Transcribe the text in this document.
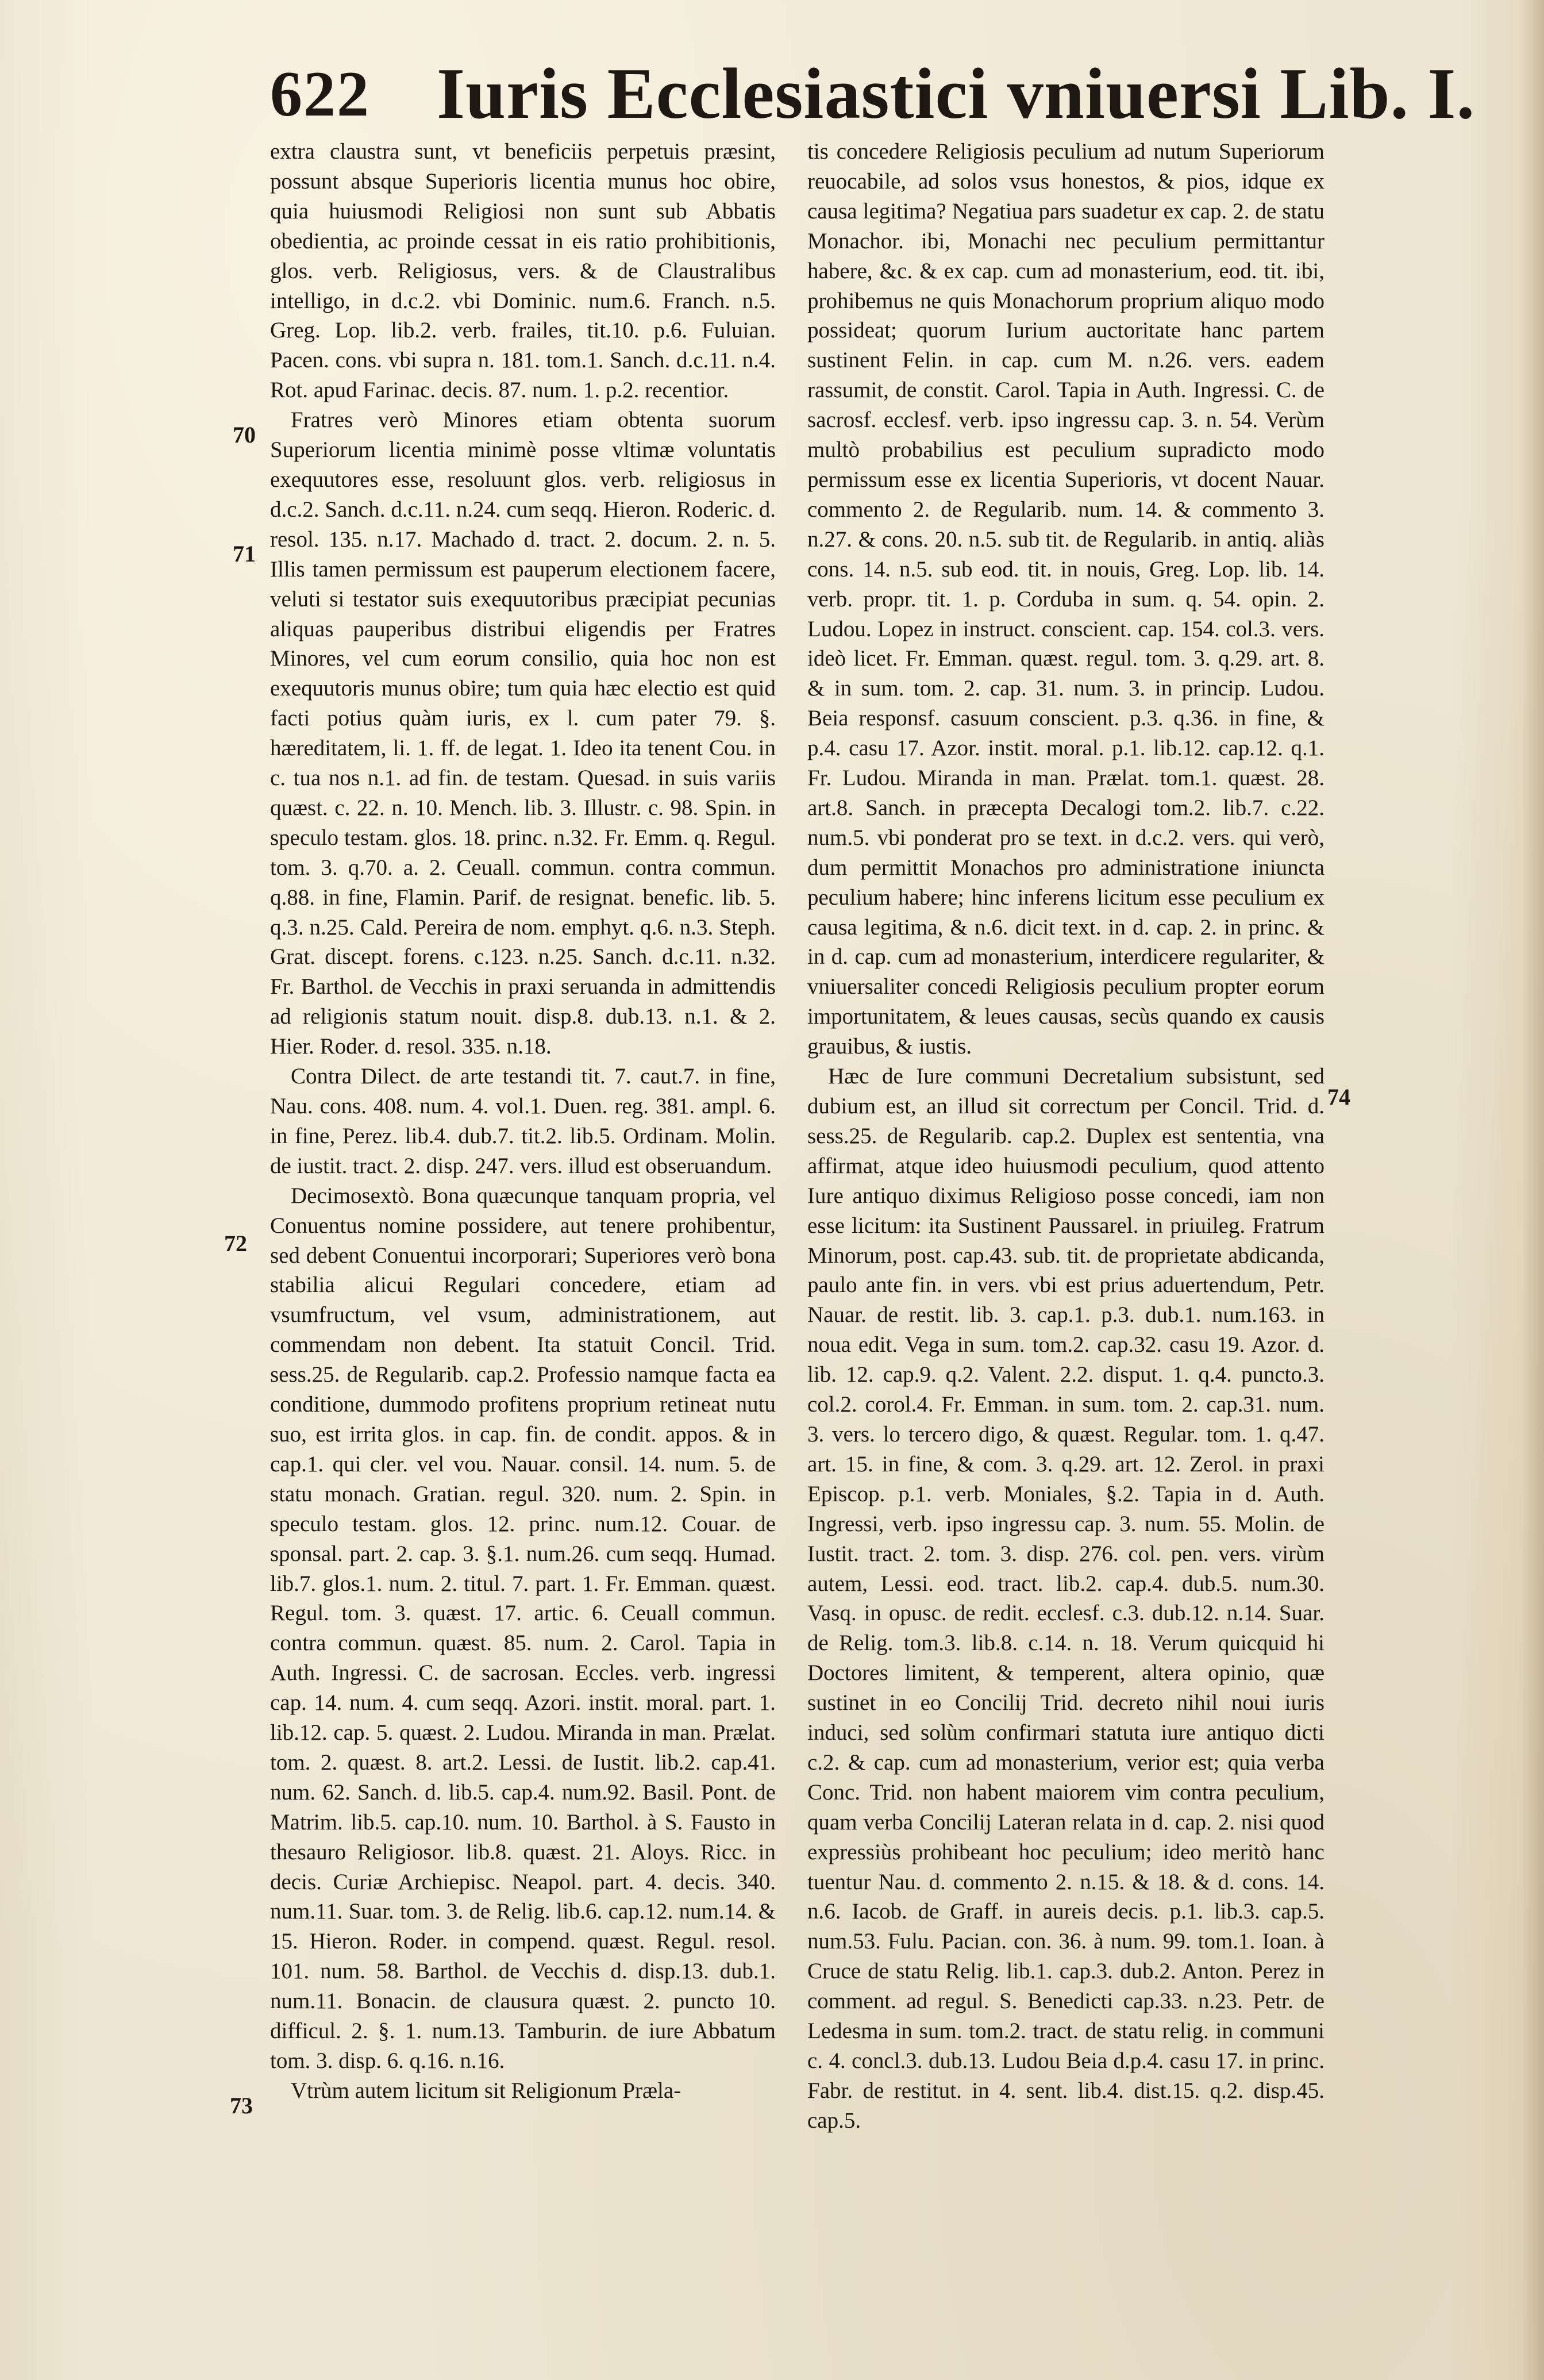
622 Iuris Ecclesiastici vniuersi Lib. I.

extra claustra sunt, vt beneficiis perpetuis præsint, possunt absque Superioris licentia munus hoc obire, quia huiusmodi Religiosi non sunt sub Abbatis obedientia, ac proinde cessat in eis ratio prohibitionis, glos. verb. Religiosus, vers. & de Claustralibus intelligo, in d.c.2. vbi Dominic. num.6. Franch. n.5. Greg. Lop. lib.2. verb. frailes, tit.10. p.6. Fuluian. Pacen. cons. vbi supra n. 181. tom.1. Sanch. d.c.11. n.4. Rot. apud Farinac. decis. 87. num. 1. p.2. recentior.

Fratres verò Minores etiam obtenta suorum Superiorum licentia minimè posse vltimæ voluntatis exequutores esse, resoluunt glos. verb. religiosus in d.c.2. Sanch. d.c.11. n.24. cum seqq. Hieron. Roderic. d. resol. 135. n.17. Machado d. tract. 2. docum. 2. n. 5. Illis tamen permissum est pauperum electionem facere, veluti si testator suis exequutoribus præcipiat pecunias aliquas pauperibus distribui eligendis per Fratres Minores, vel cum eorum consilio, quia hoc non est exequutoris munus obire; tum quia hæc electio est quid facti potius quàm iuris, ex l. cum pater 79. §. hæreditatem, li. 1. ff. de legat. 1. Ideo ita tenent Cou. in c. tua nos n.1. ad fin. de testam. Quesad. in suis variis quæst. c. 22. n. 10. Mench. lib. 3. Illustr. c. 98. Spin. in speculo testam. glos. 18. princ. n.32. Fr. Emm. q. Regul. tom. 3. q.70. a. 2. Ceuall. commun. contra commun. q.88. in fine, Flamin. Parif. de resignat. benefic. lib. 5. q.3. n.25. Cald. Pereira de nom. emphyt. q.6. n.3. Steph. Grat. discept. forens. c.123. n.25. Sanch. d.c.11. n.32. Fr. Barthol. de Vecchis in praxi seruanda in admittendis ad religionis statum nouit. disp.8. dub.13. n.1. & 2. Hier. Roder. d. resol. 335. n.18.

Contra Dilect. de arte testandi tit. 7. caut.7. in fine, Nau. cons. 408. num. 4. vol.1. Duen. reg. 381. ampl. 6. in fine, Perez. lib.4. dub.7. tit.2. lib.5. Ordinam. Molin. de iustit. tract. 2. disp. 247. vers. illud est obseruandum.

Decimosextò. Bona quæcunque tanquam propria, vel Conuentus nomine possidere, aut tenere prohibentur, sed debent Conuentui incorporari; Superiores verò bona stabilia alicui Regulari concedere, etiam ad vsumfructum, vel vsum, administrationem, aut commendam non debent. Ita statuit Concil. Trid. sess.25. de Regularib. cap.2. Professio namque facta ea conditione, dummodo profitens proprium retineat nutu suo, est irrita glos. in cap. fin. de condit. appos. & in cap.1. qui cler. vel vou. Nauar. consil. 14. num. 5. de statu monach. Gratian. regul. 320. num. 2. Spin. in speculo testam. glos. 12. princ. num.12. Couar. de sponsal. part. 2. cap. 3. §.1. num.26. cum seqq. Humad. lib.7. glos.1. num. 2. titul. 7. part. 1. Fr. Emman. quæst. Regul. tom. 3. quæst. 17. artic. 6. Ceuall commun. contra commun. quæst. 85. num. 2. Carol. Tapia in Auth. Ingressi. C. de sacrosan. Eccles. verb. ingressi cap. 14. num. 4. cum seqq. Azori. instit. moral. part. 1. lib.12. cap. 5. quæst. 2. Ludou. Miranda in man. Prælat. tom. 2. quæst. 8. art.2. Lessi. de Iustit. lib.2. cap.41. num. 62. Sanch. d. lib.5. cap.4. num.92. Basil. Pont. de Matrim. lib.5. cap.10. num. 10. Barthol. à S. Fausto in thesauro Religiosor. lib.8. quæst. 21. Aloys. Ricc. in decis. Curiæ Archiepisc. Neapol. part. 4. decis. 340. num.11. Suar. tom. 3. de Relig. lib.6. cap.12. num.14. & 15. Hieron. Roder. in compend. quæst. Regul. resol. 101. num. 58. Barthol. de Vecchis d. disp.13. dub.1. num.11. Bonacin. de clausura quæst. 2. puncto 10. difficul. 2. §. 1. num.13. Tamburin. de iure Abbatum tom. 3. disp. 6. q.16. n.16.

Vtrùm autem licitum sit Religionum Præla-

70
71
72
73

tis concedere Religiosis peculium ad nutum Superiorum reuocabile, ad solos vsus honestos, & pios, idque ex causa legitima? Negatiua pars suadetur ex cap. 2. de statu Monachor. ibi, Monachi nec peculium permittantur habere, &c. & ex cap. cum ad monasterium, eod. tit. ibi, prohibemus ne quis Monachorum proprium aliquo modo possideat; quorum Iurium auctoritate hanc partem sustinent Felin. in cap. cum M. n.26. vers. eadem rassumit, de constit. Carol. Tapia in Auth. Ingressi. C. de sacrosf. ecclesf. verb. ipso ingressu cap. 3. n. 54. Verùm multò probabilius est peculium supradicto modo permissum esse ex licentia Superioris, vt docent Nauar. commento 2. de Regularib. num. 14. & commento 3. n.27. & cons. 20. n.5. sub tit. de Regularib. in antiq. aliàs cons. 14. n.5. sub eod. tit. in nouis, Greg. Lop. lib. 14. verb. propr. tit. 1. p. Corduba in sum. q. 54. opin. 2. Ludou. Lopez in instruct. conscient. cap. 154. col.3. vers. ideò licet. Fr. Emman. quæst. regul. tom. 3. q.29. art. 8. & in sum. tom. 2. cap. 31. num. 3. in princip. Ludou. Beia responsf. casuum conscient. p.3. q.36. in fine, & p.4. casu 17. Azor. instit. moral. p.1. lib.12. cap.12. q.1. Fr. Ludou. Miranda in man. Prælat. tom.1. quæst. 28. art.8. Sanch. in præcepta Decalogi tom.2. lib.7. c.22. num.5. vbi ponderat pro se text. in d.c.2. vers. qui verò, dum permittit Monachos pro administratione iniuncta peculium habere; hinc inferens licitum esse peculium ex causa legitima, & n.6. dicit text. in d. cap. 2. in princ. & in d. cap. cum ad monasterium, interdicere regulariter, & vniuersaliter concedi Religiosis peculium propter eorum importunitatem, & leues causas, secùs quando ex causis grauibus, & iustis.

Hæc de Iure communi Decretalium subsistunt, sed dubium est, an illud sit correctum per Concil. Trid. d. sess.25. de Regularib. cap.2. Duplex est sententia, vna affirmat, atque ideo huiusmodi peculium, quod attento Iure antiquo diximus Religioso posse concedi, iam non esse licitum: ita Sustinent Paussarel. in priuileg. Fratrum Minorum, post. cap.43. sub. tit. de proprietate abdicanda, paulo ante fin. in vers. vbi est prius aduertendum, Petr. Nauar. de restit. lib. 3. cap.1. p.3. dub.1. num.163. in noua edit. Vega in sum. tom.2. cap.32. casu 19. Azor. d. lib. 12. cap.9. q.2. Valent. 2.2. disput. 1. q.4. puncto.3. col.2. corol.4. Fr. Emman. in sum. tom. 2. cap.31. num. 3. vers. lo tercero digo, & quæst. Regular. tom. 1. q.47. art. 15. in fine, & com. 3. q.29. art. 12. Zerol. in praxi Episcop. p.1. verb. Moniales, §.2. Tapia in d. Auth. Ingressi, verb. ipso ingressu cap. 3. num. 55. Molin. de Iustit. tract. 2. tom. 3. disp. 276. col. pen. vers. virùm autem, Lessi. eod. tract. lib.2. cap.4. dub.5. num.30. Vasq. in opusc. de redit. ecclesf. c.3. dub.12. n.14. Suar. de Relig. tom.3. lib.8. c.14. n. 18. Verum quicquid hi Doctores limitent, & temperent, altera opinio, quæ sustinet in eo Concilij Trid. decreto nihil noui iuris induci, sed solùm confirmari statuta iure antiquo dicti c.2. & cap. cum ad monasterium, verior est; quia verba Conc. Trid. non habent maiorem vim contra peculium, quam verba Concilij Lateran relata in d. cap. 2. nisi quod expressiùs prohibeant hoc peculium; ideo meritò hanc tuentur Nau. d. commento 2. n.15. & 18. & d. cons. 14. n.6. Iacob. de Graff. in aureis decis. p.1. lib.3. cap.5. num.53. Fulu. Pacian. con. 36. à num. 99. tom.1. Ioan. à Cruce de statu Relig. lib.1. cap.3. dub.2. Anton. Perez in comment. ad regul. S. Benedicti cap.33. n.23. Petr. de Ledesma in sum. tom.2. tract. de statu relig. in communi c. 4. concl.3. dub.13. Ludou Beia d.p.4. casu 17. in princ. Fabr. de restitut. in 4. sent. lib.4. dist.15. q.2. disp.45. cap.5.

74
